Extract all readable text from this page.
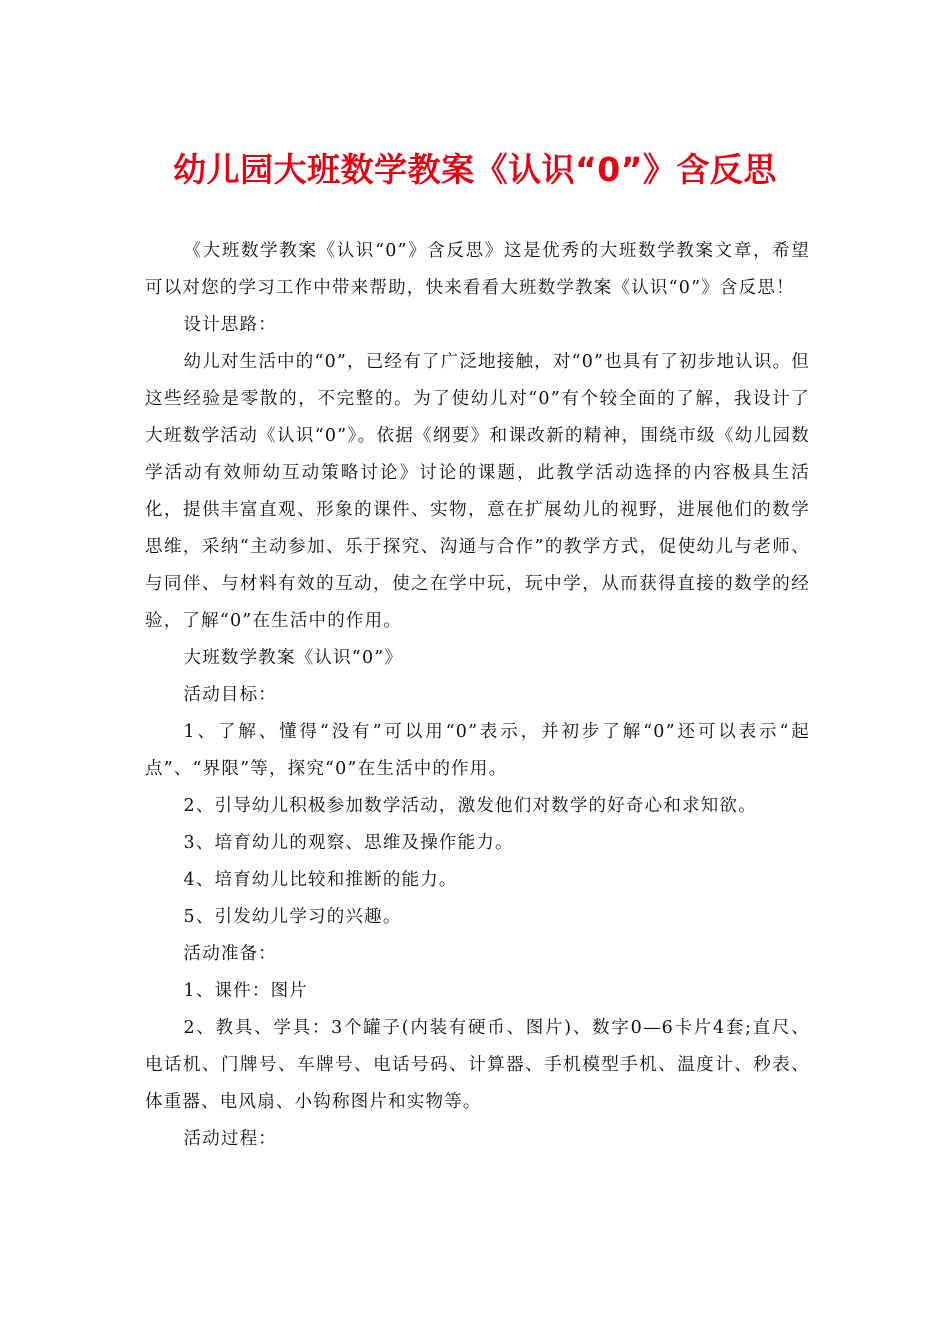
幼儿园大班数学教案《认识“0”》含反思

《大班数学教案《认识“0”》含反思》这是优秀的大班数学教案文章，希望可以对您的学习工作中带来帮助，快来看看大班数学教案《认识“0”》含反思！

设计思路：

幼儿对生活中的“0”，已经有了广泛地接触，对“0”也具有了初步地认识。但这些经验是零散的，不完整的。为了使幼儿对“0”有个较全面的了解，我设计了大班数学活动《认识“0”》。依据《纲要》和课改新的精神，围绕市级《幼儿园数学活动有效师幼互动策略讨论》讨论的课题，此教学活动选择的内容极具生活化，提供丰富直观、形象的课件、实物，意在扩展幼儿的视野，进展他们的数学思维，采纳“主动参加、乐于探究、沟通与合作”的教学方式，促使幼儿与老师、与同伴、与材料有效的互动，使之在学中玩，玩中学，从而获得直接的数学的经验，了解“0”在生活中的作用。

大班数学教案《认识“0”》

活动目标：

1、了解、懂得“没有”可以用“0”表示，并初步了解“0”还可以表示“起点”、“界限”等，探究“0”在生活中的作用。

2、引导幼儿积极参加数学活动，激发他们对数学的好奇心和求知欲。

3、培育幼儿的观察、思维及操作能力。

4、培育幼儿比较和推断的能力。

5、引发幼儿学习的兴趣。

活动准备：

1、课件：图片

2、教具、学具：3个罐子(内装有硬币、图片)、数字0—6卡片4套;直尺、电话机、门牌号、车牌号、电话号码、计算器、手机模型手机、温度计、秒表、体重器、电风扇、小钩称图片和实物等。

活动过程：
